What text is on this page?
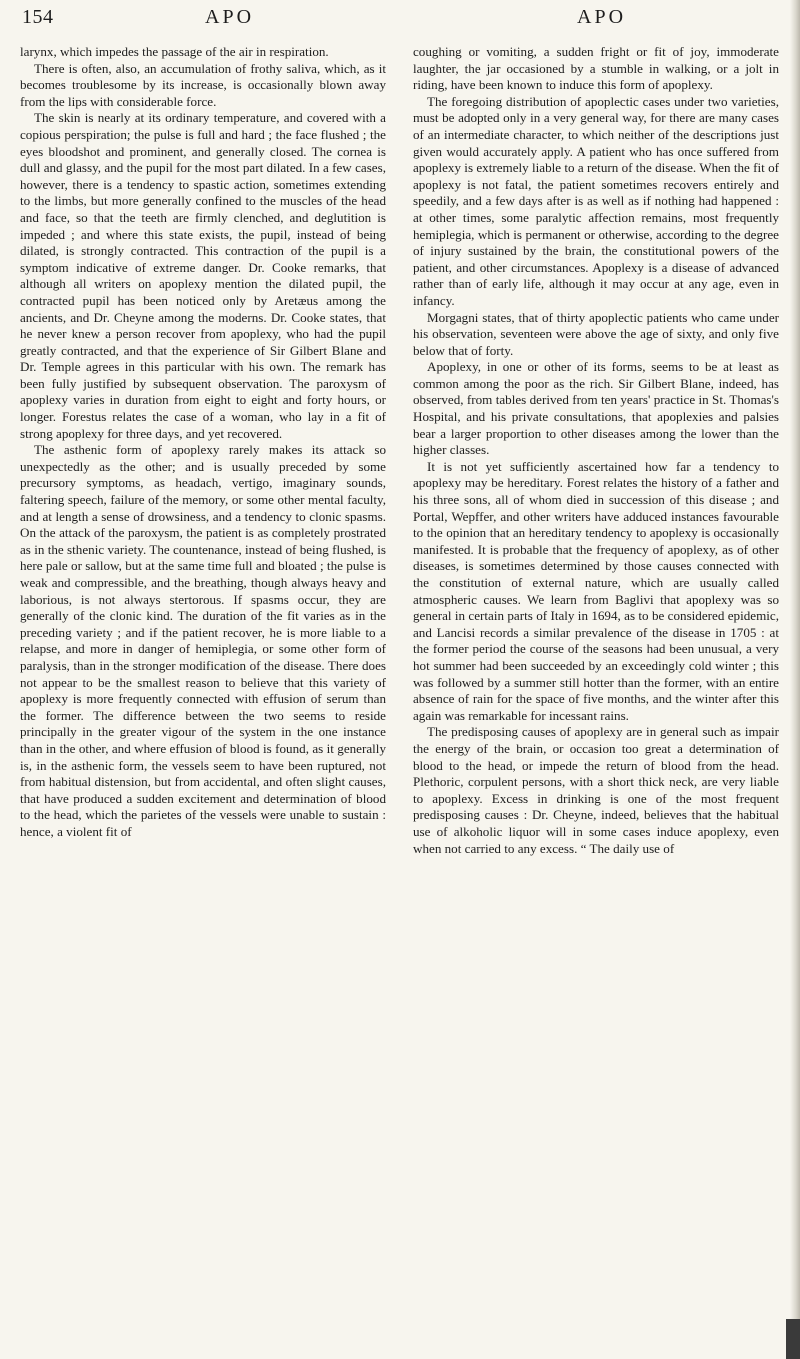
154	APO	APO

larynx, which impedes the passage of the air in respiration.

There is often, also, an accumulation of frothy saliva, which, as it becomes troublesome by its increase, is occasionally blown away from the lips with considerable force.

The skin is nearly at its ordinary temperature, and covered with a copious perspiration; the pulse is full and hard ; the face flushed ; the eyes bloodshot and prominent, and generally closed. The cornea is dull and glassy, and the pupil for the most part dilated. In a few cases, however, there is a tendency to spastic action, sometimes extending to the limbs, but more generally confined to the muscles of the head and face, so that the teeth are firmly clenched, and deglutition is impeded ; and where this state exists, the pupil, instead of being dilated, is strongly contracted. This contraction of the pupil is a symptom indicative of extreme danger. Dr. Cooke remarks, that although all writers on apoplexy mention the dilated pupil, the contracted pupil has been noticed only by Aretæus among the ancients, and Dr. Cheyne among the moderns. Dr. Cooke states, that he never knew a person recover from apoplexy, who had the pupil greatly contracted, and that the experience of Sir Gilbert Blane and Dr. Temple agrees in this particular with his own. The remark has been fully justified by subsequent observation. The paroxysm of apoplexy varies in duration from eight to eight and forty hours, or longer. Forestus relates the case of a woman, who lay in a fit of strong apoplexy for three days, and yet recovered.

The asthenic form of apoplexy rarely makes its attack so unexpectedly as the other; and is usually preceded by some precursory symptoms, as headach, vertigo, imaginary sounds, faltering speech, failure of the memory, or some other mental faculty, and at length a sense of drowsiness, and a tendency to clonic spasms. On the attack of the paroxysm, the patient is as completely prostrated as in the sthenic variety. The countenance, instead of being flushed, is here pale or sallow, but at the same time full and bloated ; the pulse is weak and compressible, and the breathing, though always heavy and laborious, is not always stertorous. If spasms occur, they are generally of the clonic kind. The duration of the fit varies as in the preceding variety ; and if the patient recover, he is more liable to a relapse, and more in danger of hemiplegia, or some other form of paralysis, than in the stronger modification of the disease. There does not appear to be the smallest reason to believe that this variety of apoplexy is more frequently connected with effusion of serum than the former. The difference between the two seems to reside principally in the greater vigour of the system in the one instance than in the other, and where effusion of blood is found, as it generally is, in the asthenic form, the vessels seem to have been ruptured, not from habitual distension, but from accidental, and often slight causes, that have produced a sudden excitement and determination of blood to the head, which the parietes of the vessels were unable to sustain : hence, a violent fit of

coughing or vomiting, a sudden fright or fit of joy, immoderate laughter, the jar occasioned by a stumble in walking, or a jolt in riding, have been known to induce this form of apoplexy.

The foregoing distribution of apoplectic cases under two varieties, must be adopted only in a very general way, for there are many cases of an intermediate character, to which neither of the descriptions just given would accurately apply. A patient who has once suffered from apoplexy is extremely liable to a return of the disease. When the fit of apoplexy is not fatal, the patient sometimes recovers entirely and speedily, and a few days after is as well as if nothing had happened : at other times, some paralytic affection remains, most frequently hemiplegia, which is permanent or otherwise, according to the degree of injury sustained by the brain, the constitutional powers of the patient, and other circumstances. Apoplexy is a disease of advanced rather than of early life, although it may occur at any age, even in infancy.

Morgagni states, that of thirty apoplectic patients who came under his observation, seventeen were above the age of sixty, and only five below that of forty.

Apoplexy, in one or other of its forms, seems to be at least as common among the poor as the rich. Sir Gilbert Blane, indeed, has observed, from tables derived from ten years' practice in St. Thomas's Hospital, and his private consultations, that apoplexies and palsies bear a larger proportion to other diseases among the lower than the higher classes.

It is not yet sufficiently ascertained how far a tendency to apoplexy may be hereditary. Forest relates the history of a father and his three sons, all of whom died in succession of this disease ; and Portal, Wepffer, and other writers have adduced instances favourable to the opinion that an hereditary tendency to apoplexy is occasionally manifested. It is probable that the frequency of apoplexy, as of other diseases, is sometimes determined by those causes connected with the constitution of external nature, which are usually called atmospheric causes. We learn from Baglivi that apoplexy was so general in certain parts of Italy in 1694, as to be considered epidemic, and Lancisi records a similar prevalence of the disease in 1705 : at the former period the course of the seasons had been unusual, a very hot summer had been succeeded by an exceedingly cold winter ; this was followed by a summer still hotter than the former, with an entire absence of rain for the space of five months, and the winter after this again was remarkable for incessant rains.

The predisposing causes of apoplexy are in general such as impair the energy of the brain, or occasion too great a determination of blood to the head, or impede the return of blood from the head. Plethoric, corpulent persons, with a short thick neck, are very liable to apoplexy. Excess in drinking is one of the most frequent predisposing causes : Dr. Cheyne, indeed, believes that the habitual use of alkoholic liquor will in some cases induce apoplexy, even when not carried to any excess. “ The daily use of
